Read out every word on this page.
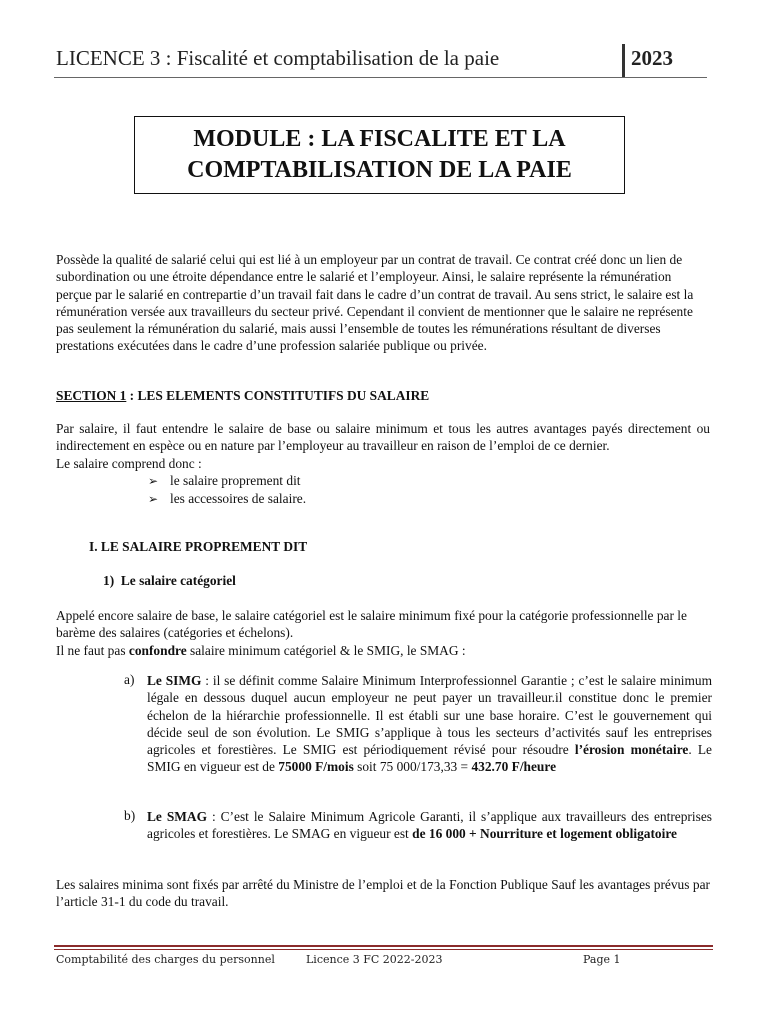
LICENCE 3 : Fiscalité et comptabilisation de la paie	2023
MODULE : LA FISCALITE ET LA
COMPTABILISATION DE LA PAIE

Possède la qualité de salarié celui qui est lié à un employeur par un contrat de travail. Ce contrat créé donc un lien de subordination ou une étroite dépendance entre le salarié et l’employeur. Ainsi, le salaire représente la rémunération perçue par le salarié en contrepartie d’un travail fait dans le cadre d’un contrat de travail. Au sens strict, le salaire est la rémunération versée aux travailleurs du secteur privé. Cependant il convient de mentionner que le salaire ne représente pas seulement la rémunération du salarié, mais aussi l’ensemble de toutes les rémunérations résultant de diverses prestations exécutées dans le cadre d’une profession salariée publique ou privée.

SECTION 1 : LES ELEMENTS CONSTITUTIFS DU SALAIRE

Par salaire, il faut entendre le salaire de base ou salaire minimum et tous les autres avantages payés directement ou indirectement en espèce ou en nature par l’employeur au travailleur en raison de l’emploi de ce dernier.

Le salaire comprend donc :

➢ le salaire proprement dit
➢ les accessoires de salaire.
I. LE SALAIRE PROPREMENT DIT
1)  Le salaire catégoriel

Appelé encore salaire de base, le salaire catégoriel est le salaire minimum fixé pour la catégorie professionnelle par le barème des salaires (catégories et échelons).

Il ne faut pas confondre salaire minimum catégoriel & le SMIG, le SMAG :

a) Le SIMG : il se définit comme Salaire Minimum Interprofessionnel Garantie ; c’est le salaire minimum légale en dessous duquel aucun employeur ne peut payer un travailleur.il constitue donc le premier échelon de la hiérarchie professionnelle. Il est établi sur une base horaire. C’est le gouvernement qui décide seul de son évolution. Le SMIG s’applique à tous les secteurs d’activités sauf les entreprises agricoles et forestières. Le SMIG est périodiquement révisé pour résoudre l’érosion monétaire. Le SMIG en vigueur est de 75000 F/mois soit 75 000/173,33 = 432.70 F/heure

b) Le SMAG : C’est le Salaire Minimum Agricole Garanti, il s’applique aux travailleurs des entreprises agricoles et forestières. Le SMAG en vigueur est de 16 000 + Nourriture et logement obligatoire

Les salaires minima sont fixés par arrêté du Ministre de l’emploi et de la Fonction Publique Sauf les avantages prévus par l’article 31-1 du code du travail.

Comptabilité des charges du personnel	Licence 3 FC 2022-2023	Page 1
